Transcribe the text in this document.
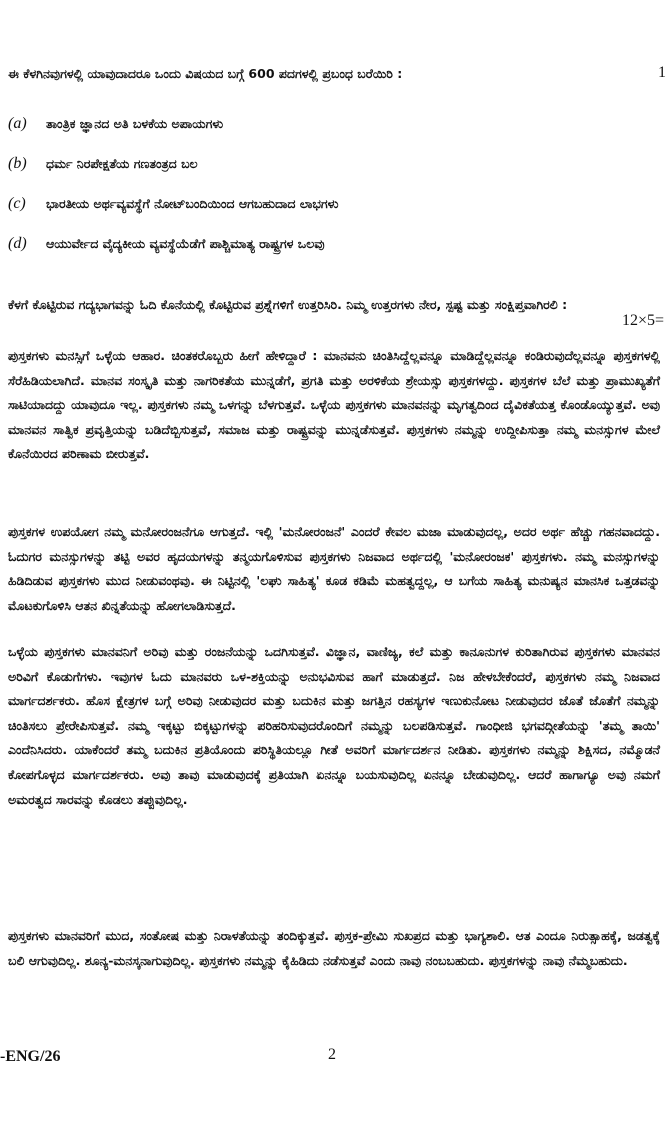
1
ಈ ಕೆಳಗಿನವುಗಳಲ್ಲಿ ಯಾವುದಾದರೂ ಒಂದು ವಿಷಯದ ಬಗ್ಗೆ 600 ಪದಗಳಲ್ಲಿ ಪ್ರಬಂಧ ಬರೆಯಿರಿ :
(a)	ತಾಂತ್ರಿಕ ಜ್ಞಾನದ ಅತಿ ಬಳಕೆಯ ಅಪಾಯಗಳು
(b)	ಧರ್ಮ ನಿರಪೇಕ್ಷತೆಯ ಗಣತಂತ್ರದ ಬಲ
(c)	ಭಾರತೀಯ ಅರ್ಥವ್ಯವಸ್ಥೆಗೆ ನೋಟ್‌ಬಂದಿಯಿಂದ ಆಗಬಹುದಾದ ಲಾಭಗಳು
(d)	ಆಯುರ್ವೇದ ವೈದ್ಯಕೀಯ ವ್ಯವಸ್ಥೆಯೆಡೆಗೆ ಪಾಶ್ಚಿಮಾತ್ಯ ರಾಷ್ಟ್ರಗಳ ಒಲವು
ಕೆಳಗೆ ಕೊಟ್ಟಿರುವ ಗದ್ಯಭಾಗವನ್ನು ಓದಿ ಕೊನೆಯಲ್ಲಿ ಕೊಟ್ಟಿರುವ ಪ್ರಶ್ನೆಗಳಿಗೆ ಉತ್ತರಿಸಿರಿ. ನಿಮ್ಮ ಉತ್ತರಗಳು ನೇರ, ಸ್ಪಷ್ಟ ಮತ್ತು ಸಂಕ್ಷಿಪ್ತವಾಗಿರಲಿ :
12×5=
ಪುಸ್ತಕಗಳು ಮನಸ್ಸಿಗೆ ಒಳ್ಳೆಯ ಆಹಾರ. ಚಿಂತಕರೊಬ್ಬರು ಹೀಗೆ ಹೇಳಿದ್ದಾರೆ : ಮಾನವನು ಚಿಂತಿಸಿದ್ದೆಲ್ಲವನ್ನೂ ಮಾಡಿದ್ದೆಲ್ಲವನ್ನೂ ಕಂಡಿರುವುದೆಲ್ಲವನ್ನೂ ಪುಸ್ತಕಗಳಲ್ಲಿ ಸೆರೆಹಿಡಿಯಲಾಗಿದೆ. ಮಾನವ ಸಂಸ್ಕೃತಿ ಮತ್ತು ನಾಗರಿಕತೆಯ ಮುನ್ನಡೆಗೆ, ಪ್ರಗತಿ ಮತ್ತು ಅರಳಿಕೆಯ ಶ್ರೇಯಸ್ಸು ಪುಸ್ತಕಗಳದ್ದು. ಪುಸ್ತಕಗಳ ಬೆಲೆ ಮತ್ತು ಪ್ರಾಮುಖ್ಯತೆಗೆ ಸಾಟಿಯಾದದ್ದು ಯಾವುದೂ ಇಲ್ಲ. ಪುಸ್ತಕಗಳು ನಮ್ಮ ಒಳಗನ್ನು ಬೆಳಗುತ್ತವೆ. ಒಳ್ಳೆಯ ಪುಸ್ತಕಗಳು ಮಾನವನನ್ನು ಮೃಗತ್ವದಿಂದ ದೈವಿಕತೆಯತ್ತ ಕೊಂಡೊಯ್ಯುತ್ತವೆ. ಅವು ಮಾನವನ ಸಾತ್ವಿಕ ಪ್ರವೃತ್ತಿಯನ್ನು ಬಡಿದೆಬ್ಬಿಸುತ್ತವೆ, ಸಮಾಜ ಮತ್ತು ರಾಷ್ಟ್ರವನ್ನು ಮುನ್ನಡೆಸುತ್ತವೆ. ಪುಸ್ತಕಗಳು ನಮ್ಮನ್ನು ಉದ್ದೀಪಿಸುತ್ತಾ ನಮ್ಮ ಮನಸ್ಸುಗಳ ಮೇಲೆ ಕೊನೆಯಿರದ ಪರಿಣಾಮ ಬೀರುತ್ತವೆ.
ಪುಸ್ತಕಗಳ ಉಪಯೋಗ ನಮ್ಮ ಮನೋರಂಜನೆಗೂ ಆಗುತ್ತದೆ. ಇಲ್ಲಿ 'ಮನೋರಂಜನೆ' ಎಂದರೆ ಕೇವಲ ಮಜಾ ಮಾಡುವುದಲ್ಲ, ಅದರ ಅರ್ಥ ಹೆಚ್ಚು ಗಹನವಾದದ್ದು. ಓದುಗರ ಮನಸ್ಸುಗಳನ್ನು ತಟ್ಟಿ ಅವರ ಹೃದಯಗಳನ್ನು ತನ್ಮಯಗೊಳಿಸುವ ಪುಸ್ತಕಗಳು ನಿಜವಾದ ಅರ್ಥದಲ್ಲಿ 'ಮನೋರಂಜಕ' ಪುಸ್ತಕಗಳು. ನಮ್ಮ ಮನಸ್ಸುಗಳನ್ನು ಹಿಡಿದಿಡುವ ಪುಸ್ತಕಗಳು ಮುದ ನೀಡುವಂಥವು. ಈ ನಿಟ್ಟಿನಲ್ಲಿ 'ಲಘು ಸಾಹಿತ್ಯ' ಕೂಡ ಕಡಿಮೆ ಮಹತ್ವದ್ದಲ್ಲ, ಆ ಬಗೆಯ ಸಾಹಿತ್ಯ ಮನುಷ್ಯನ ಮಾನಸಿಕ ಒತ್ತಡವನ್ನು ಮೊಟಕುಗೊಳಿಸಿ ಆತನ ಖಿನ್ನತೆಯನ್ನು ಹೋಗಲಾಡಿಸುತ್ತದೆ.
ಒಳ್ಳೆಯ ಪುಸ್ತಕಗಳು ಮಾನವನಿಗೆ ಅರಿವು ಮತ್ತು ರಂಜನೆಯನ್ನು ಒದಗಿಸುತ್ತವೆ. ವಿಜ್ಞಾನ, ವಾಣಿಜ್ಯ, ಕಲೆ ಮತ್ತು ಕಾನೂನುಗಳ ಕುರಿತಾಗಿರುವ ಪುಸ್ತಕಗಳು ಮಾನವನ ಅರಿವಿಗೆ ಕೊಡುಗೆಗಳು. ಇವುಗಳ ಓದು ಮಾನವರು ಒಳ-ಶಕ್ತಿಯನ್ನು ಅನುಭವಿಸುವ ಹಾಗೆ ಮಾಡುತ್ತದೆ. ನಿಜ ಹೇಳಬೇಕೆಂದರೆ, ಪುಸ್ತಕಗಳು ನಮ್ಮ ನಿಜವಾದ ಮಾರ್ಗದರ್ಶಕರು. ಹೊಸ ಕ್ಷೇತ್ರಗಳ ಬಗ್ಗೆ ಅರಿವು ನೀಡುವುದರ ಮತ್ತು ಬದುಕಿನ ಮತ್ತು ಜಗತ್ತಿನ ರಹಸ್ಯಗಳ ಇಣುಕುನೋಟ ನೀಡುವುದರ ಜೊತೆ ಜೊತೆಗೆ ನಮ್ಮನ್ನು ಚಿಂತಿಸಲು ಪ್ರೇರೇಪಿಸುತ್ತವೆ. ನಮ್ಮ ಇಕ್ಕಟ್ಟು ಬಿಕ್ಕಟ್ಟುಗಳನ್ನು ಪರಿಹರಿಸುವುದರೊಂದಿಗೆ ನಮ್ಮನ್ನು ಬಲಪಡಿಸುತ್ತವೆ. ಗಾಂಧೀಜಿ ಭಗವದ್ಗೀತೆಯನ್ನು 'ತಮ್ಮ ತಾಯಿ' ಎಂದೆನಿಸಿದರು. ಯಾಕೆಂದರೆ ತಮ್ಮ ಬದುಕಿನ ಪ್ರತಿಯೊಂದು ಪರಿಸ್ಥಿತಿಯಲ್ಲೂ ಗೀತೆ ಅವರಿಗೆ ಮಾರ್ಗದರ್ಶನ ನೀಡಿತು. ಪುಸ್ತಕಗಳು ನಮ್ಮನ್ನು ಶಿಕ್ಷಿಸದ, ನಮ್ಮೊಡನೆ ಕೋಪಗೊಳ್ಳದ ಮಾರ್ಗದರ್ಶಕರು. ಅವು ತಾವು ಮಾಡುವುದಕ್ಕೆ ಪ್ರತಿಯಾಗಿ ಏನನ್ನೂ ಬಯಸುವುದಿಲ್ಲ ಏನನ್ನೂ ಬೇಡುವುದಿಲ್ಲ. ಆದರೆ ಹಾಗಾಗ್ಯೂ ಅವು ನಮಗೆ ಅಮರತ್ವದ ಸಾರವನ್ನು ಕೊಡಲು ತಪ್ಪುವುದಿಲ್ಲ.
ಪುಸ್ತಕಗಳು ಮಾನವರಿಗೆ ಮುದ, ಸಂತೋಷ ಮತ್ತು ನಿರಾಳತೆಯನ್ನು ತಂದಿಕ್ಕುತ್ತವೆ. ಪುಸ್ತಕ-ಪ್ರೇಮಿ ಸುಖಪ್ರದ ಮತ್ತು ಭಾಗ್ಯಶಾಲಿ. ಆತ ಎಂದೂ ನಿರುತ್ಸಾಹಕ್ಕೆ, ಜಡತ್ವಕ್ಕೆ ಬಲಿ ಆಗುವುದಿಲ್ಲ. ಶೂನ್ಯ-ಮನಸ್ಕನಾಗುವುದಿಲ್ಲ. ಪುಸ್ತಕಗಳು ನಮ್ಮನ್ನು ಕೈಹಿಡಿದು ನಡೆಸುತ್ತವೆ ಎಂದು ನಾವು ನಂಬಬಹುದು. ಪುಸ್ತಕಗಳನ್ನು ನಾವು ನೆಮ್ಮಬಹುದು.
-ENG/26	2
